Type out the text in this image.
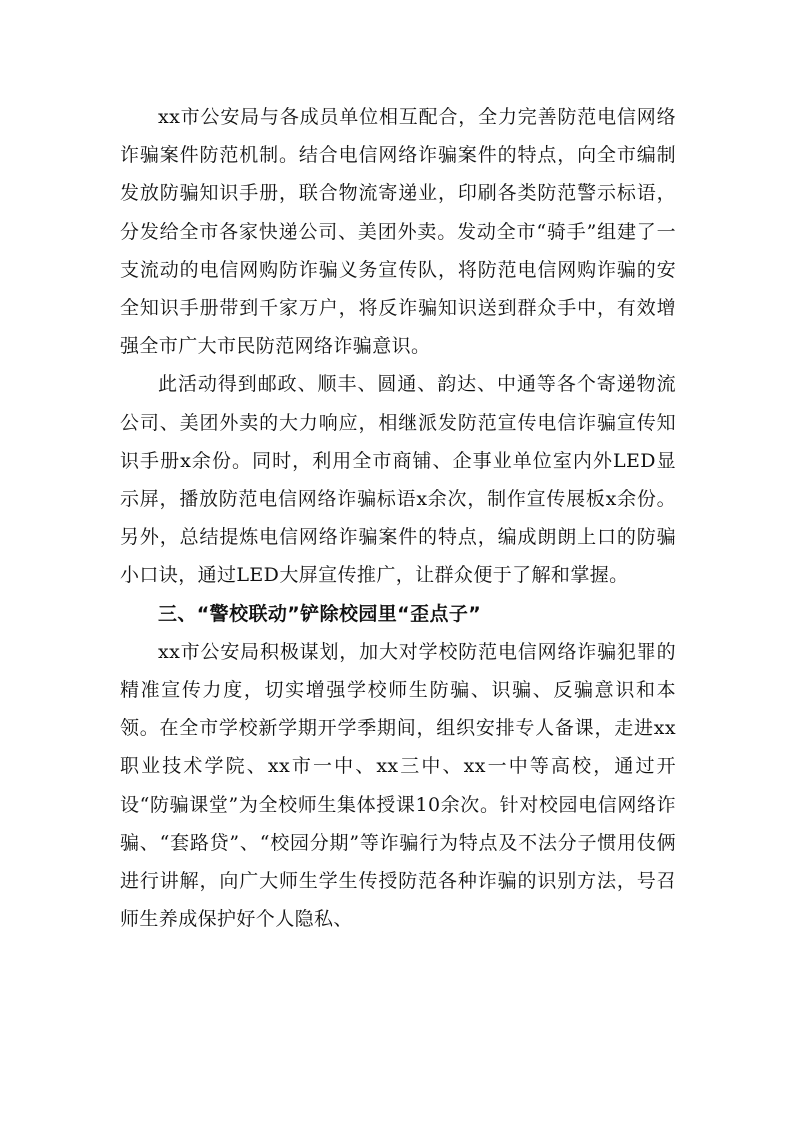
xx市公安局与各成员单位相互配合，全力完善防范电信网络诈骗案件防范机制。结合电信网络诈骗案件的特点，向全市编制发放防骗知识手册，联合物流寄递业，印刷各类防范警示标语，分发给全市各家快递公司、美团外卖。发动全市“骑手”组建了一支流动的电信网购防诈骗义务宣传队，将防范电信网购诈骗的安全知识手册带到千家万户，将反诈骗知识送到群众手中，有效增强全市广大市民防范网络诈骗意识。

此活动得到邮政、顺丰、圆通、韵达、中通等各个寄递物流公司、美团外卖的大力响应，相继派发防范宣传电信诈骗宣传知识手册x余份。同时，利用全市商铺、企事业单位室内外LED显示屏，播放防范电信网络诈骗标语x余次，制作宣传展板x余份。另外，总结提炼电信网络诈骗案件的特点，编成朗朗上口的防骗小口诀，通过LED大屏宣传推广，让群众便于了解和掌握。

三、“警校联动”铲除校园里“歪点子”

xx市公安局积极谋划，加大对学校防范电信网络诈骗犯罪的精准宣传力度，切实增强学校师生防骗、识骗、反骗意识和本领。在全市学校新学期开学季期间，组织安排专人备课，走进xx职业技术学院、xx市一中、xx三中、xx一中等高校，通过开设“防骗课堂”为全校师生集体授课10余次。针对校园电信网络诈骗、“套路贷”、“校园分期”等诈骗行为特点及不法分子惯用伎俩进行讲解，向广大师生学生传授防范各种诈骗的识别方法，号召师生养成保护好个人隐私、
